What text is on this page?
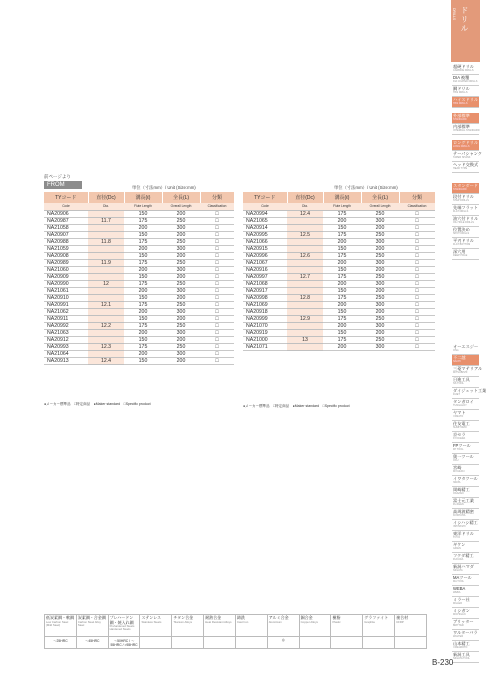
ドリル
DRILLS
超硬ドリル
CARBIDE DRILLS
DIA 被覆
DIA COATED DRILLS
鋼ドリル
HSS DRILLS
ハイスドリル
HSS DRILLS
外部標準
STANDARD
内部標準
INTERNAL STANDARD
ロングドリル
LONG DRILLS
テーパシャンク
TAPER SHANK
ヘッド交換式
HEAD TYPE
スタンダード
STANDARD
段付ドリル
STEP DRILLS
先端フラット
FLAT DRILLS
油穴付ドリル
OIL HOLE DRILLS
位置決め
SPOT DRILLS
平刃ドリル
FLAT BOTTOM
深穴用
DEEP HOLE
オーエスジー
OSG
不二越
NACHI
三菱マテリアル
MITSUBISHI
日進工具
NS TOOL
ダイジェット工業
DIJET
タンガロイ
TUNGALOY
ヤマト
YAMATO
住友電工
SUMITOMO
京セラ
KYOCERA
FPツール
FP TOOL
奥一ツール
OKU
宮崎
MIYAZAKI
イワタツール
IWATA
岡崎精工
OKAZAKI
富士元工業
FUJIGEN
高周波精密
KOSHUHA
イシハシ精工
ISHIHASHI
東洋ドリル
TOYO
ギケン
GIKEN
フクダ精工
FUKUDA
新潟ハマダ
NIIGATA
MAツール
MA TOOL
WEBA
WEBA
ミラー社
MILLER
ミシガン
MICHIGAN
ブリッター
BRITTER
ワルターバラ
WALTER
山本精工
YAMAMOTO
新潟工具
NIIGATA TOOL
前ページより
FROM	単位（寸法mm）/ Unit (Size:mm)	単位（寸法mm）/ Unit (Size:mm)
TYコード	直径(Dc)	溝長(ℓ)	全長(L)	分類
Code	Dia.	Flute Length	Overall Length	Classification
NA20906		150	200	□
NA20987	11.7	175	250	□
NA21058		200	300	□
NA20907		150	200	□
NA20988	11.8	175	250	□
NA21059		200	300	□
NA20908		150	200	□
NA20989	11.9	175	250	□
NA21060		200	300	□
NA20909		150	200	□
NA20990	12	175	250	□
NA21061		200	300	□
NA20910		150	200	□
NA20991	12.1	175	250	□
NA21062		200	300	□
NA20911		150	200	□
NA20992	12.2	175	250	□
NA21063		200	300	□
NA20912		150	200	□
NA20993	12.3	175	250	□
NA21064		200	300	□
NA20913	12.4	150	200	□
TYコード	直径(Dc)	溝長(ℓ)	全長(L)	分類
Code	Dia.	Flute Length	Overall Length	Classification
NA20994	12.4	175	250	□
NA21065		200	300	□
NA20914		150	200	□
NA20995	12.5	175	250	□
NA21066		200	300	□
NA20915		150	200	□
NA20996	12.6	175	250	□
NA21067		200	300	□
NA20916		150	200	□
NA20997	12.7	175	250	□
NA21068		200	300	□
NA20917		150	200	□
NA20998	12.8	175	250	□
NA21069		200	300	□
NA20918		150	200	□
NA20999	12.9	175	250	□
NA21070		200	300	□
NA20919		150	200	□
NA21000	13	175	250	□
NA21071		200	300	□
●メーカー標準品　□特定商品　●Maker standard　□Specific product	●メーカー標準品　□特定商品　●Maker standard　□Specific product
低炭素鋼・軟鋼
Low Carbon Steel (Mild Steel)	炭素鋼・合金鋼
Carbon Steel Alloy Steel	プレハードン鋼・焼入れ鋼
Prehardened Steels Hardened Steels	ステンレス
Stainless Steels	チタン合金
Titanium Alloys	耐熱合金
Heat Resistant Alloys	鋳鉄
Cast Iron	アルミ合金
Aluminium	銅合金
Copper Alloys	樹脂
Plastic	グラファイト
Graphite	複合材
CFRP

〜25HRC	〜45HRC	〜50HRC / 〜55HRC / >55HRC					◎				
B-230
